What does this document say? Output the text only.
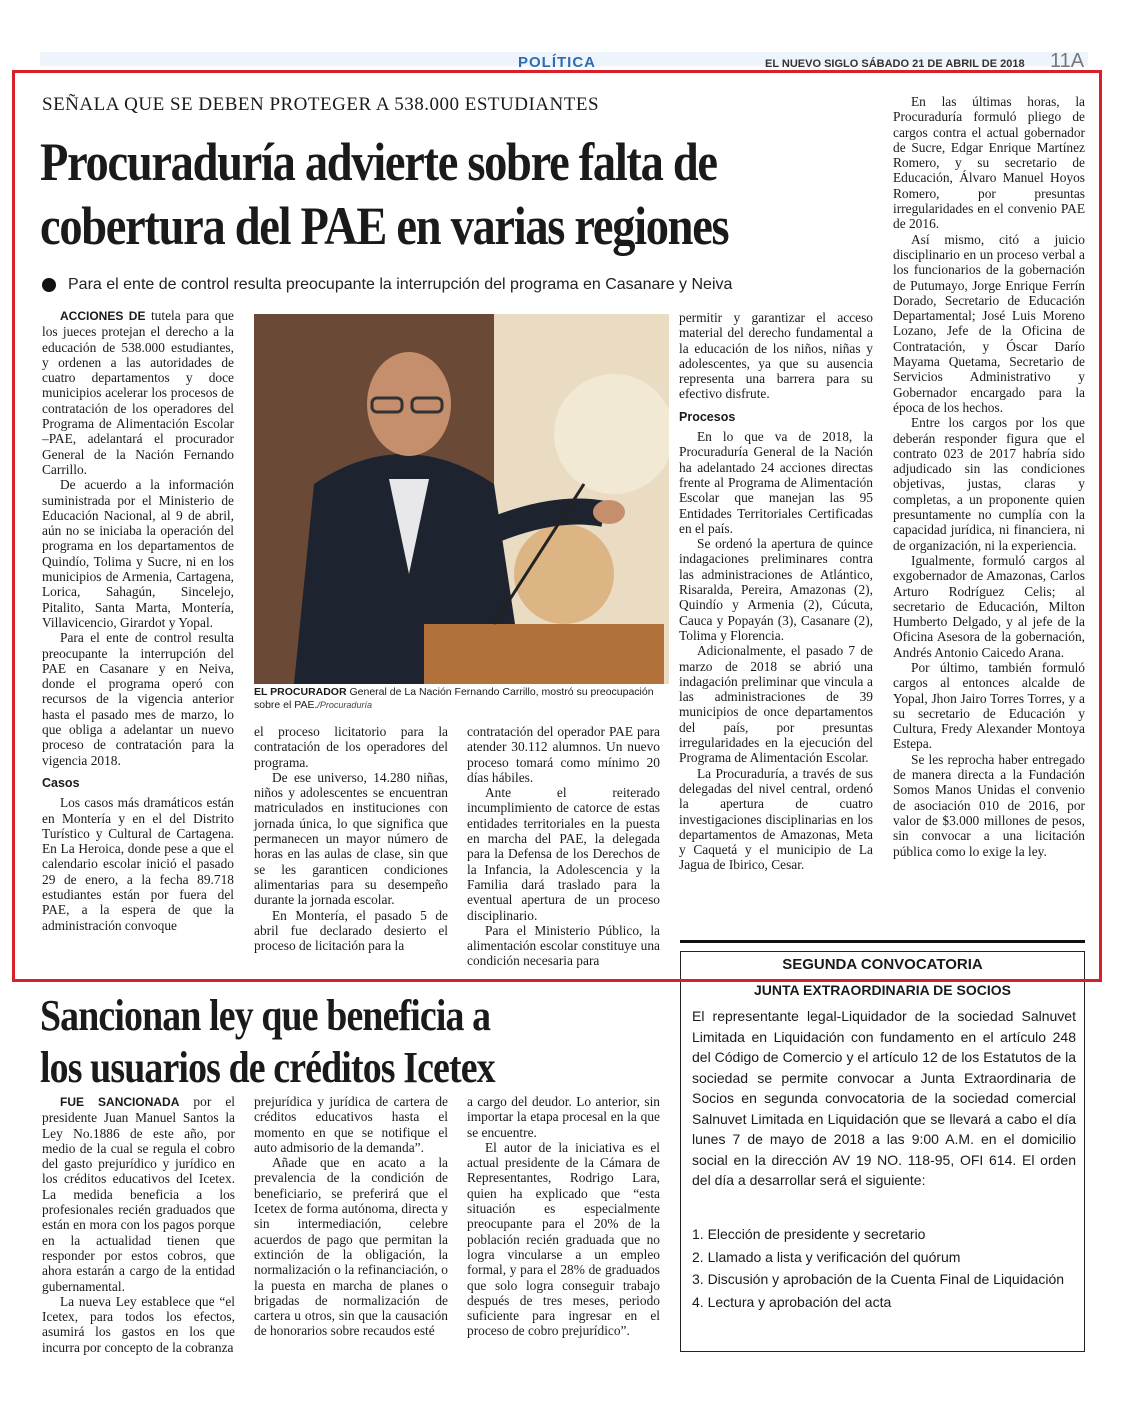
POLÍTICA	EL NUEVO SIGLO SÁBADO 21 DE ABRIL DE 2018 11A
SEÑALA QUE SE DEBEN PROTEGER A 538.000 ESTUDIANTES
Procuraduría advierte sobre falta de
cobertura del PAE en varias regiones
Para el ente de control resulta preocupante la interrupción del programa en Casanare y Neiva

ACCIONES DE tutela para que los jueces protejan el derecho a la educación de 538.000 estudiantes, y ordenen a las autoridades de cuatro departamentos y doce municipios acelerar los procesos de contratación de los operadores del Programa de Alimentación Escolar –PAE, adelantará el procurador General de la Nación Fernando Carrillo.

De acuerdo a la información suministrada por el Ministerio de Educación Nacional, al 9 de abril, aún no se iniciaba la operación del programa en los departamentos de Quindío, Tolima y Sucre, ni en los municipios de Armenia, Cartagena, Lorica, Sahagún, Sincelejo, Pitalito, Santa Marta, Montería, Villavicencio, Girardot y Yopal.

Para el ente de control resulta preocupante la interrupción del PAE en Casanare y en Neiva, donde el programa operó con recursos de la vigencia anterior hasta el pasado mes de marzo, lo que obliga a adelantar un nuevo proceso de contratación para la vigencia 2018.

Casos

Los casos más dramáticos están en Montería y en el del Distrito Turístico y Cultural de Cartagena. En La Heroica, donde pese a que el calendario escolar inició el pasado 29 de enero, a la fecha 89.718 estudiantes están por fuera del PAE, a la espera de que la administración convoque

EL PROCURADOR General de La Nación Fernando Carrillo, mostró su preocupación sobre el PAE./Procuraduría

el proceso licitatorio para la contratación de los operadores del programa.

De ese universo, 14.280 niñas, niños y adolescentes se encuentran matriculados en instituciones con jornada única, lo que significa que permanecen un mayor número de horas en las aulas de clase, sin que se les garanticen condiciones alimentarias para su desempeño durante la jornada escolar.

En Montería, el pasado 5 de abril fue declarado desierto el proceso de licitación para la

contratación del operador PAE para atender 30.112 alumnos. Un nuevo proceso tomará como mínimo 20 días hábiles.

Ante el reiterado incumplimiento de catorce de estas entidades territoriales en la puesta en marcha del PAE, la delegada para la Defensa de los Derechos de la Infancia, la Adolescencia y la Familia dará traslado para la eventual apertura de un proceso disciplinario.

Para el Ministerio Público, la alimentación escolar constituye una condición necesaria para

permitir y garantizar el acceso material del derecho fundamental a la educación de los niños, niñas y adolescentes, ya que su ausencia representa una barrera para su efectivo disfrute.

Procesos

En lo que va de 2018, la Procuraduría General de la Nación ha adelantado 24 acciones directas frente al Programa de Alimentación Escolar que manejan las 95 Entidades Territoriales Certificadas en el país.

Se ordenó la apertura de quince indagaciones preliminares contra las administraciones de Atlántico, Risaralda, Pereira, Amazonas (2), Quindío y Armenia (2), Cúcuta, Cauca y Popayán (3), Casanare (2), Tolima y Florencia.

Adicionalmente, el pasado 7 de marzo de 2018 se abrió una indagación preliminar que vincula a las administraciones de 39 municipios de once departamentos del país, por presuntas irregularidades en la ejecución del Programa de Alimentación Escolar.

La Procuraduría, a través de sus delegadas del nivel central, ordenó la apertura de cuatro investigaciones disciplinarias en los departamentos de Amazonas, Meta y Caquetá y el municipio de La Jagua de Ibirico, Cesar.

En las últimas horas, la Procuraduría formuló pliego de cargos contra el actual gobernador de Sucre, Edgar Enrique Martínez Romero, y su secretario de Educación, Álvaro Manuel Hoyos Romero, por presuntas irregularidades en el convenio PAE de 2016.

Así mismo, citó a juicio disciplinario en un proceso verbal a los funcionarios de la gobernación de Putumayo, Jorge Enrique Ferrín Dorado, Secretario de Educación Departamental; José Luis Moreno Lozano, Jefe de la Oficina de Contratación, y Óscar Darío Mayama Quetama, Secretario de Servicios Administrativo y Gobernador encargado para la época de los hechos.

Entre los cargos por los que deberán responder figura que el contrato 023 de 2017 habría sido adjudicado sin las condiciones objetivas, justas, claras y completas, a un proponente quien presuntamente no cumplía con la capacidad jurídica, ni financiera, ni de organización, ni la experiencia.

Igualmente, formuló cargos al exgobernador de Amazonas, Carlos Arturo Rodríguez Celis; al secretario de Educación, Milton Humberto Delgado, y al jefe de la Oficina Asesora de la gobernación, Andrés Antonio Caicedo Arana.

Por último, también formuló cargos al entonces alcalde de Yopal, Jhon Jairo Torres Torres, y a su secretario de Educación y Cultura, Fredy Alexander Montoya Estepa.

Se les reprocha haber entregado de manera directa a la Fundación Somos Manos Unidas el convenio de asociación 010 de 2016, por valor de $3.000 millones de pesos, sin convocar a una licitación pública como lo exige la ley.

Sancionan ley que beneficia a
los usuarios de créditos Icetex

FUE SANCIONADA por el presidente Juan Manuel Santos la Ley No.1886 de este año, por medio de la cual se regula el cobro del gasto prejurídico y jurídico en los créditos educativos del Icetex. La medida beneficia a los profesionales recién graduados que están en mora con los pagos porque en la actualidad tienen que responder por estos cobros, que ahora estarán a cargo de la entidad gubernamental.

La nueva Ley establece que “el Icetex, para todos los efectos, asumirá los gastos en los que incurra por concepto de la cobranza

prejurídica y jurídica de cartera de créditos educativos hasta el momento en que se notifique el auto admisorio de la demanda”.

Añade que en acato a la prevalencia de la condición de beneficiario, se preferirá que el Icetex de forma autónoma, directa y sin intermediación, celebre acuerdos de pago que permitan la extinción de la obligación, la normalización o la refinanciación, o la puesta en marcha de planes o brigadas de normalización de cartera u otros, sin que la causación de honorarios sobre recaudos esté

a cargo del deudor. Lo anterior, sin importar la etapa procesal en la que se encuentre.

El autor de la iniciativa es el actual presidente de la Cámara de Representantes, Rodrigo Lara, quien ha explicado que “esta situación es especialmente preocupante para el 20% de la población recién graduada que no logra vincularse a un empleo formal, y para el 28% de graduados que solo logra conseguir trabajo después de tres meses, periodo suficiente para ingresar en el proceso de cobro prejurídico”.

SEGUNDA CONVOCATORIA
JUNTA EXTRAORDINARIA DE SOCIOS
El representante legal-Liquidador de la sociedad Salnuvet Limitada en Liquidación con fundamento en el artículo 248 del Código de Comercio y el artículo 12 de los Estatutos de la sociedad se permite convocar a Junta Extraordinaria de Socios en segunda convocatoria de la sociedad comercial Salnuvet Limitada en Liquidación que se llevará a cabo el día lunes 7 de mayo de 2018 a las 9:00 A.M. en el domicilio social en la dirección AV 19 NO. 118-95, OFI 614. El orden del día a desarrollar será el siguiente:
1. Elección de presidente y secretario
2. Llamado a lista y verificación del quórum
3. Discusión y aprobación de la Cuenta Final de Liquidación
4. Lectura y aprobación del acta
